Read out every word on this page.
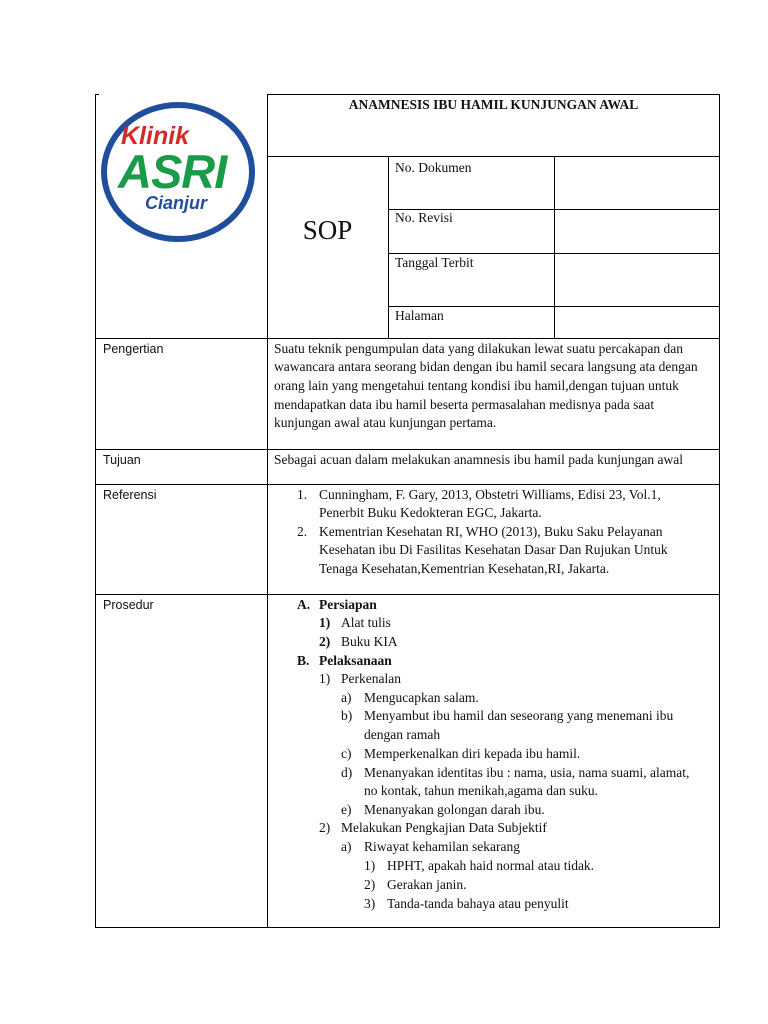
Klinik
ASRI
Cianjur
ANAMNESIS IBU HAMIL KUNJUNGAN AWAL
SOP
No. Dokumen
No. Revisi
Tanggal Terbit
Halaman
Pengertian	Suatu teknik pengumpulan data yang dilakukan lewat suatu percakapan dan
wawancara antara seorang bidan dengan ibu hamil secara langsung ata dengan
orang lain yang mengetahui tentang kondisi ibu hamil,dengan tujuan untuk
mendapatkan data ibu hamil beserta permasalahan medisnya pada saat
kunjungan awal atau kunjungan pertama.
Tujuan	Sebagai acuan dalam melakukan anamnesis ibu hamil pada kunjungan awal
Referensi	1. Cunningham, F. Gary, 2013, Obstetri Williams, Edisi 23, Vol.1,
Penerbit Buku Kedokteran EGC, Jakarta.
2. Kementrian Kesehatan RI, WHO (2013), Buku Saku Pelayanan
Kesehatan ibu Di Fasilitas Kesehatan Dasar Dan Rujukan Untuk
Tenaga Kesehatan,Kementrian Kesehatan,RI, Jakarta.
Prosedur	A. Persiapan
1) Alat tulis
2) Buku KIA
B. Pelaksanaan
1) Perkenalan
a) Mengucapkan salam.
b) Menyambut ibu hamil dan seseorang yang menemani ibu
dengan ramah
c) Memperkenalkan diri kepada ibu hamil.
d) Menanyakan identitas ibu : nama, usia, nama suami, alamat,
no kontak, tahun menikah,agama dan suku.
e) Menanyakan golongan darah ibu.
2) Melakukan Pengkajian Data Subjektif
a) Riwayat kehamilan sekarang
1) HPHT, apakah haid normal atau tidak.
2) Gerakan janin.
3) Tanda-tanda bahaya atau penyulit
